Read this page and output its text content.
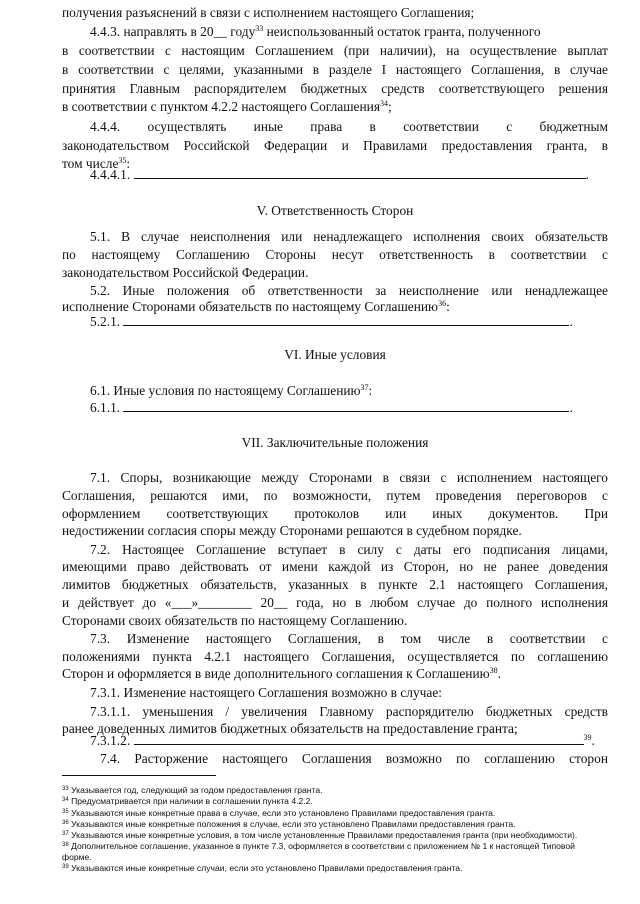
получения разъяснений в связи с исполнением настоящего Соглашения;
4.4.3. направлять в 20__ году$^{33}$ неиспользованный остаток гранта, полученного
в соответствии с настоящим Соглашением (при наличии), на осуществление выплат
в соответствии с целями, указанными в разделе I настоящего Соглашения, в случае
принятия Главным распорядителем бюджетных средств соответствующего решения
в соответствии с пунктом 4.2.2 настоящего Соглашения$^{34}$;
4.4.4. осуществлять иные права в соответствии с бюджетным
законодательством Российской Федерации и Правилами предоставления гранта, в
том числе$^{35}$:
4.4.4.1.	.
V. Ответственность Сторон
5.1. В случае неисполнения или ненадлежащего исполнения своих обязательств
по настоящему Соглашению Стороны несут ответственность в соответствии с
законодательством Российской Федерации.
5.2. Иные положения об ответственности за неисполнение или ненадлежащее
исполнение Сторонами обязательств по настоящему Соглашению$^{36}$:
5.2.1.	.
VI. Иные условия
6.1. Иные условия по настоящему Соглашению$^{37}$:
6.1.1.	.
VII. Заключительные положения
7.1. Споры, возникающие между Сторонами в связи с исполнением настоящего
Соглашения, решаются ими, по возможности, путем проведения переговоров с
оформлением соответствующих протоколов или иных документов. При
недостижении согласия споры между Сторонами решаются в судебном порядке.
7.2. Настоящее Соглашение вступает в силу с даты его подписания лицами,
имеющими право действовать от имени каждой из Сторон, но не ранее доведения
лимитов бюджетных обязательств, указанных в пункте 2.1 настоящего Соглашения,
и действует до «___»________ 20__ года, но в любом случае до полного исполнения
Сторонами своих обязательств по настоящему Соглашению.
7.3. Изменение настоящего Соглашения, в том числе в соответствии с
положениями пункта 4.2.1 настоящего Соглашения, осуществляется по соглашению
Сторон и оформляется в виде дополнительного соглашения к Соглашению$^{38}$.
7.3.1. Изменение настоящего Соглашения возможно в случае:
7.3.1.1. уменьшения / увеличения Главному распорядителю бюджетных средств
ранее доведенных лимитов бюджетных обязательств на предоставление гранта;
7.3.1.2.	$^{39}$.
7.4. Расторжение настоящего Соглашения возможно по соглашению сторон
$^{33}$ Указывается год, следующий за годом предоставления гранта.
$^{34}$ Предусматривается при наличии в соглашении пункта 4.2.2.
$^{35}$ Указываются иные конкретные права в случае, если это установлено Правилами предоставления гранта.
$^{36}$ Указываются иные конкретные положения в случае, если это установлено Правилами предоставления гранта.
$^{37}$ Указываются иные конкретные условия, в том числе установленные Правилами предоставления гранта (при необходимости).
$^{38}$ Дополнительное соглашение, указанное в пункте 7.3, оформляется в соответствии с приложением № 1 к настоящей Типовой
форме.
$^{39}$ Указываются иные конкретные случаи, если это установлено Правилами предоставления гранта.
